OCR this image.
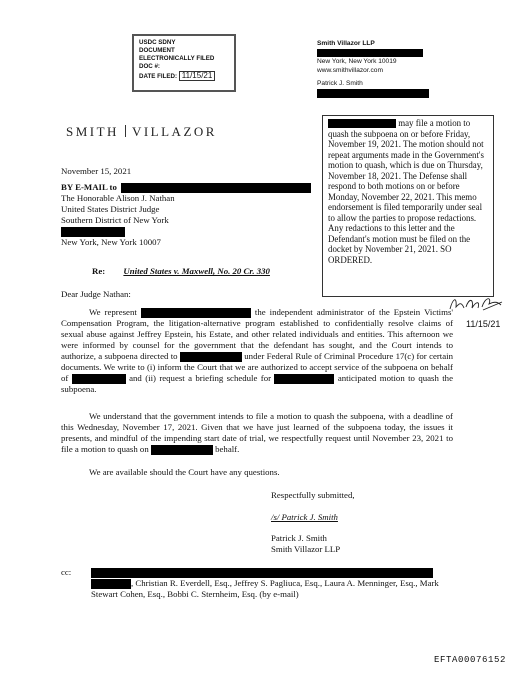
USDC SDNY
DOCUMENT
ELECTRONICALLY FILED
DOC #:
DATE FILED: 11/15/21
Smith Villazor LLP
New York, New York 10019
www.smithvillazor.com
Patrick J. Smith
SMITH VILLAZOR
may file a motion to quash the subpoena on or before Friday, November 19, 2021. The motion should not repeat arguments made in the Government's motion to quash, which is due on Thursday, November 18, 2021. The Defense shall respond to both motions on or before Monday, November 22, 2021. This memo endorsement is filed temporarily under seal to allow the parties to propose redactions. Any redactions to this letter and the Defendant's motion must be filed on the docket by November 21, 2021. SO ORDERED.
11/15/21
November 15, 2021
BY E-MAIL to
The Honorable Alison J. Nathan
United States District Judge
Southern District of New York
New York, New York 10007
Re: United States v. Maxwell, No. 20 Cr. 330
Dear Judge Nathan:

We represent	the independent administrator of the Epstein Victims' Compensation Program, the litigation-alternative program established to confidentially resolve claims of sexual abuse against Jeffrey Epstein, his Estate, and other related individuals and entities. This afternoon we were informed by counsel for the government that the defendant has sought, and the Court intends to authorize, a subpoena directed to	under Federal Rule of Criminal Procedure 17(c) for certain documents. We write to (i) inform the Court that we are authorized to accept service of the subpoena on behalf of	and (ii) request a briefing schedule for	anticipated motion to quash the subpoena.

We understand that the government intends to file a motion to quash the subpoena, with a deadline of this Wednesday, November 17, 2021. Given that we have just learned of the subpoena today, the issues it presents, and mindful of the impending start date of trial, we respectfully request until November 23, 2021 to file a motion to quash on	behalf.

We are available should the Court have any questions.

Respectfully submitted,
/s/ Patrick J. Smith
Patrick J. Smith
Smith Villazor LLP
cc:
, Christian R. Everdell, Esq., Jeffrey S. Pagliuca, Esq., Laura A. Menninger, Esq., Mark Stewart Cohen, Esq., Bobbi C. Sternheim, Esq. (by e-mail)
EFTA00076152
